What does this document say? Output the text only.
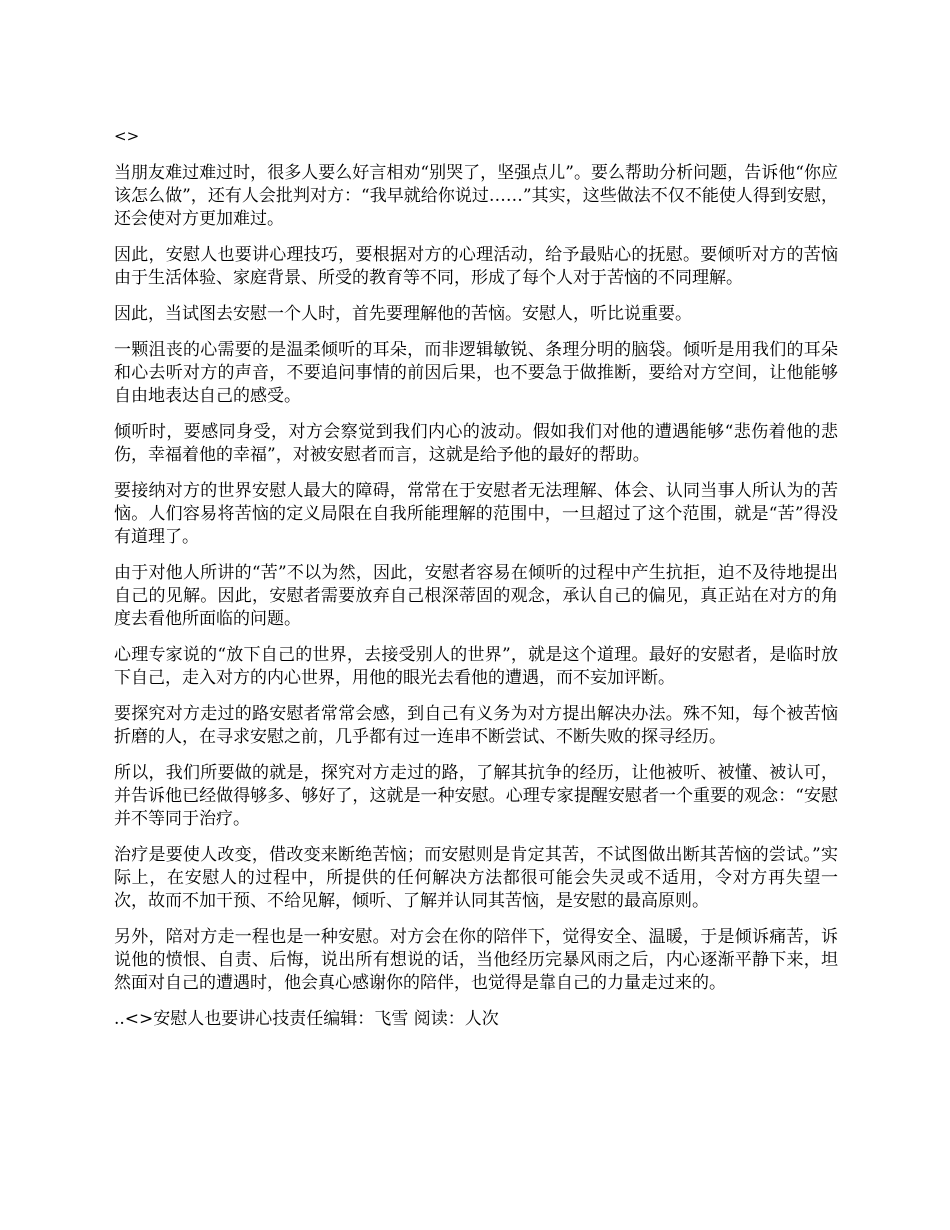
<>

当朋友难过难过时，很多人要么好言相劝“别哭了，坚强点儿”。要么帮助分析问题，告诉他“你应该怎么做”，还有人会批判对方：“我早就给你说过……”其实，这些做法不仅不能使人得到安慰，还会使对方更加难过。

因此，安慰人也要讲心理技巧，要根据对方的心理活动，给予最贴心的抚慰。要倾听对方的苦恼由于生活体验、家庭背景、所受的教育等不同，形成了每个人对于苦恼的不同理解。

因此，当试图去安慰一个人时，首先要理解他的苦恼。安慰人，听比说重要。

一颗沮丧的心需要的是温柔倾听的耳朵，而非逻辑敏锐、条理分明的脑袋。倾听是用我们的耳朵和心去听对方的声音，不要追问事情的前因后果，也不要急于做推断，要给对方空间，让他能够自由地表达自己的感受。

倾听时，要感同身受，对方会察觉到我们内心的波动。假如我们对他的遭遇能够“悲伤着他的悲伤，幸福着他的幸福”，对被安慰者而言，这就是给予他的最好的帮助。

要接纳对方的世界安慰人最大的障碍，常常在于安慰者无法理解、体会、认同当事人所认为的苦恼。人们容易将苦恼的定义局限在自我所能理解的范围中，一旦超过了这个范围，就是“苦”得没有道理了。

由于对他人所讲的“苦”不以为然，因此，安慰者容易在倾听的过程中产生抗拒，迫不及待地提出自己的见解。因此，安慰者需要放弃自己根深蒂固的观念，承认自己的偏见，真正站在对方的角度去看他所面临的问题。

心理专家说的“放下自己的世界，去接受别人的世界”，就是这个道理。最好的安慰者，是临时放下自己，走入对方的内心世界，用他的眼光去看他的遭遇，而不妄加评断。

要探究对方走过的路安慰者常常会感，到自己有义务为对方提出解决办法。殊不知，每个被苦恼折磨的人，在寻求安慰之前，几乎都有过一连串不断尝试、不断失败的探寻经历。

所以，我们所要做的就是，探究对方走过的路，了解其抗争的经历，让他被听、被懂、被认可，并告诉他已经做得够多、够好了，这就是一种安慰。心理专家提醒安慰者一个重要的观念：“安慰并不等同于治疗。

治疗是要使人改变，借改变来断绝苦恼；而安慰则是肯定其苦，不试图做出断其苦恼的尝试。”实际上，在安慰人的过程中，所提供的任何解决方法都很可能会失灵或不适用，令对方再失望一次，故而不加干预、不给见解，倾听、了解并认同其苦恼，是安慰的最高原则。

另外，陪对方走一程也是一种安慰。对方会在你的陪伴下，觉得安全、温暖，于是倾诉痛苦，诉说他的愤恨、自责、后悔，说出所有想说的话，当他经历完暴风雨之后，内心逐渐平静下来，坦然面对自己的遭遇时，他会真心感谢你的陪伴，也觉得是靠自己的力量走过来的。

..<>安慰人也要讲心技责任编辑：飞雪 阅读：人次
